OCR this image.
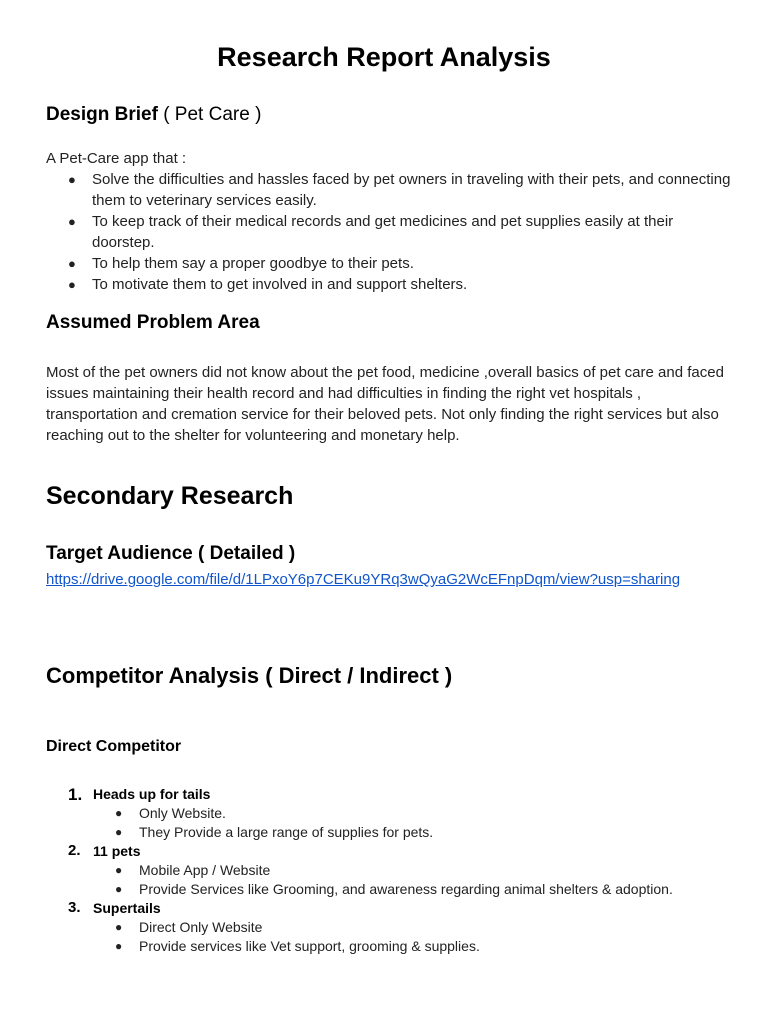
Research Report Analysis
Design Brief ( Pet Care )
A Pet-Care app that :
● Solve the difficulties and hassles faced by pet owners in traveling with their pets, and connecting them to veterinary services easily.
● To keep track of their medical records and get medicines and pet supplies easily at their doorstep.
● To help them say a proper goodbye to their pets.
● To motivate them to get involved in and support shelters.
Assumed Problem Area

Most of the pet owners did not know about the pet food, medicine ,overall basics of pet care and faced issues maintaining their health record and had difficulties in finding the right vet hospitals , transportation and cremation service for their beloved pets. Not only finding the right services but also reaching out to the shelter for volunteering and monetary help.

Secondary Research
Target Audience ( Detailed )
https://drive.google.com/file/d/1LPxoY6p7CEKu9YRq3wQyaG2WcEFnpDqm/view?usp=sharing
Competitor Analysis ( Direct / Indirect )
Direct Competitor
1. Heads up for tails
● Only Website.
● They Provide a large range of supplies for pets.
2. 11 pets
● Mobile App / Website
● Provide Services like Grooming, and awareness regarding animal shelters & adoption.
3. Supertails
● Direct Only Website
● Provide services like Vet support, grooming & supplies.
